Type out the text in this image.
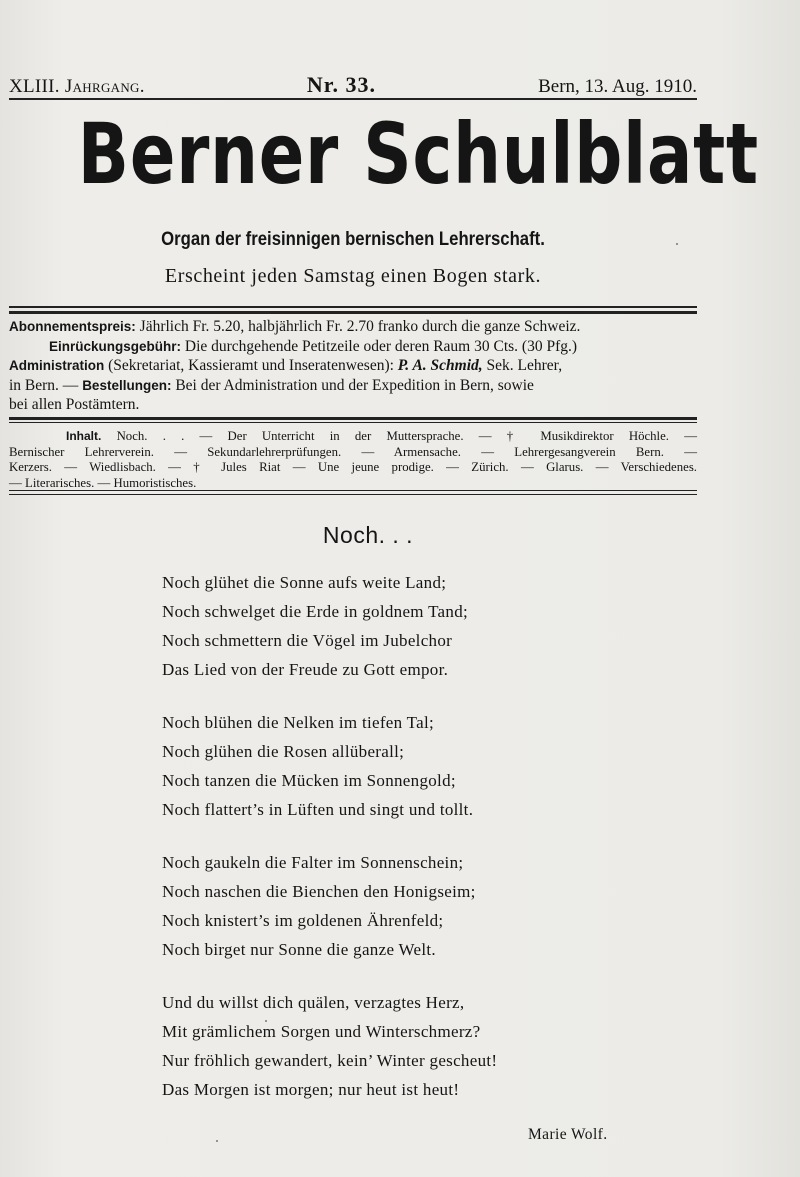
XLIII. Jahrgang.	Nr. 33.	Bern, 13. Aug. 1910.
Berner Schulblatt
Organ der freisinnigen bernischen Lehrerschaft.
Erscheint jeden Samstag einen Bogen stark.
Abonnementspreis: Jährlich Fr. 5.20, halbjährlich Fr. 2.70 franko durch die ganze Schweiz.
Einrückungsgebühr: Die durchgehende Petitzeile oder deren Raum 30 Cts. (30 Pfg.)
Administration (Sekretariat, Kassieramt und Inseratenwesen): P. A. Schmid, Sek. Lehrer,
in Bern. — Bestellungen: Bei der Administration und der Expedition in Bern, sowie
bei allen Postämtern.
Inhalt. Noch. . . — Der Unterricht in der Muttersprache. — † Musikdirektor Höchle. —
Bernischer Lehrerverein. — Sekundarlehrerprüfungen. — Armensache. — Lehrergesangverein Bern. —
Kerzers. — Wiedlisbach. — † Jules Riat — Une jeune prodige. — Zürich. — Glarus. — Verschiedenes.
— Literarisches. — Humoristisches.
Noch. . .
Noch glühet die Sonne aufs weite Land;
Noch schwelget die Erde in goldnem Tand;
Noch schmettern die Vögel im Jubelchor
Das Lied von der Freude zu Gott empor.
Noch blühen die Nelken im tiefen Tal;
Noch glühen die Rosen allüberall;
Noch tanzen die Mücken im Sonnengold;
Noch flattert’s in Lüften und singt und tollt.
Noch gaukeln die Falter im Sonnenschein;
Noch naschen die Bienchen den Honigseim;
Noch knistert’s im goldenen Ährenfeld;
Noch birget nur Sonne die ganze Welt.
Und du willst dich quälen, verzagtes Herz,
Mit grämlichem Sorgen und Winterschmerz?
Nur fröhlich gewandert, kein’ Winter gescheut!
Das Morgen ist morgen; nur heut ist heut!
Marie Wolf.
